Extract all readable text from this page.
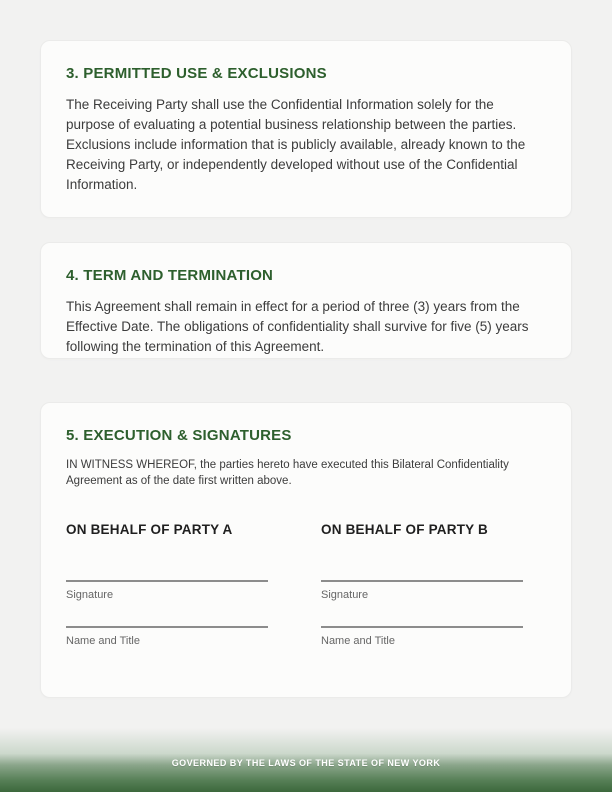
3. PERMITTED USE & EXCLUSIONS
The Receiving Party shall use the Confidential Information solely for the purpose of evaluating a potential business relationship between the parties. Exclusions include information that is publicly available, already known to the Receiving Party, or independently developed without use of the Confidential Information.
4. TERM AND TERMINATION
This Agreement shall remain in effect for a period of three (3) years from the Effective Date. The obligations of confidentiality shall survive for five (5) years following the termination of this Agreement.
5. EXECUTION & SIGNATURES
IN WITNESS WHEREOF, the parties hereto have executed this Bilateral Confidentiality Agreement as of the date first written above.
ON BEHALF OF PARTY A
Signature
Name and Title
ON BEHALF OF PARTY B
Signature
Name and Title
GOVERNED BY THE LAWS OF THE STATE OF NEW YORK
